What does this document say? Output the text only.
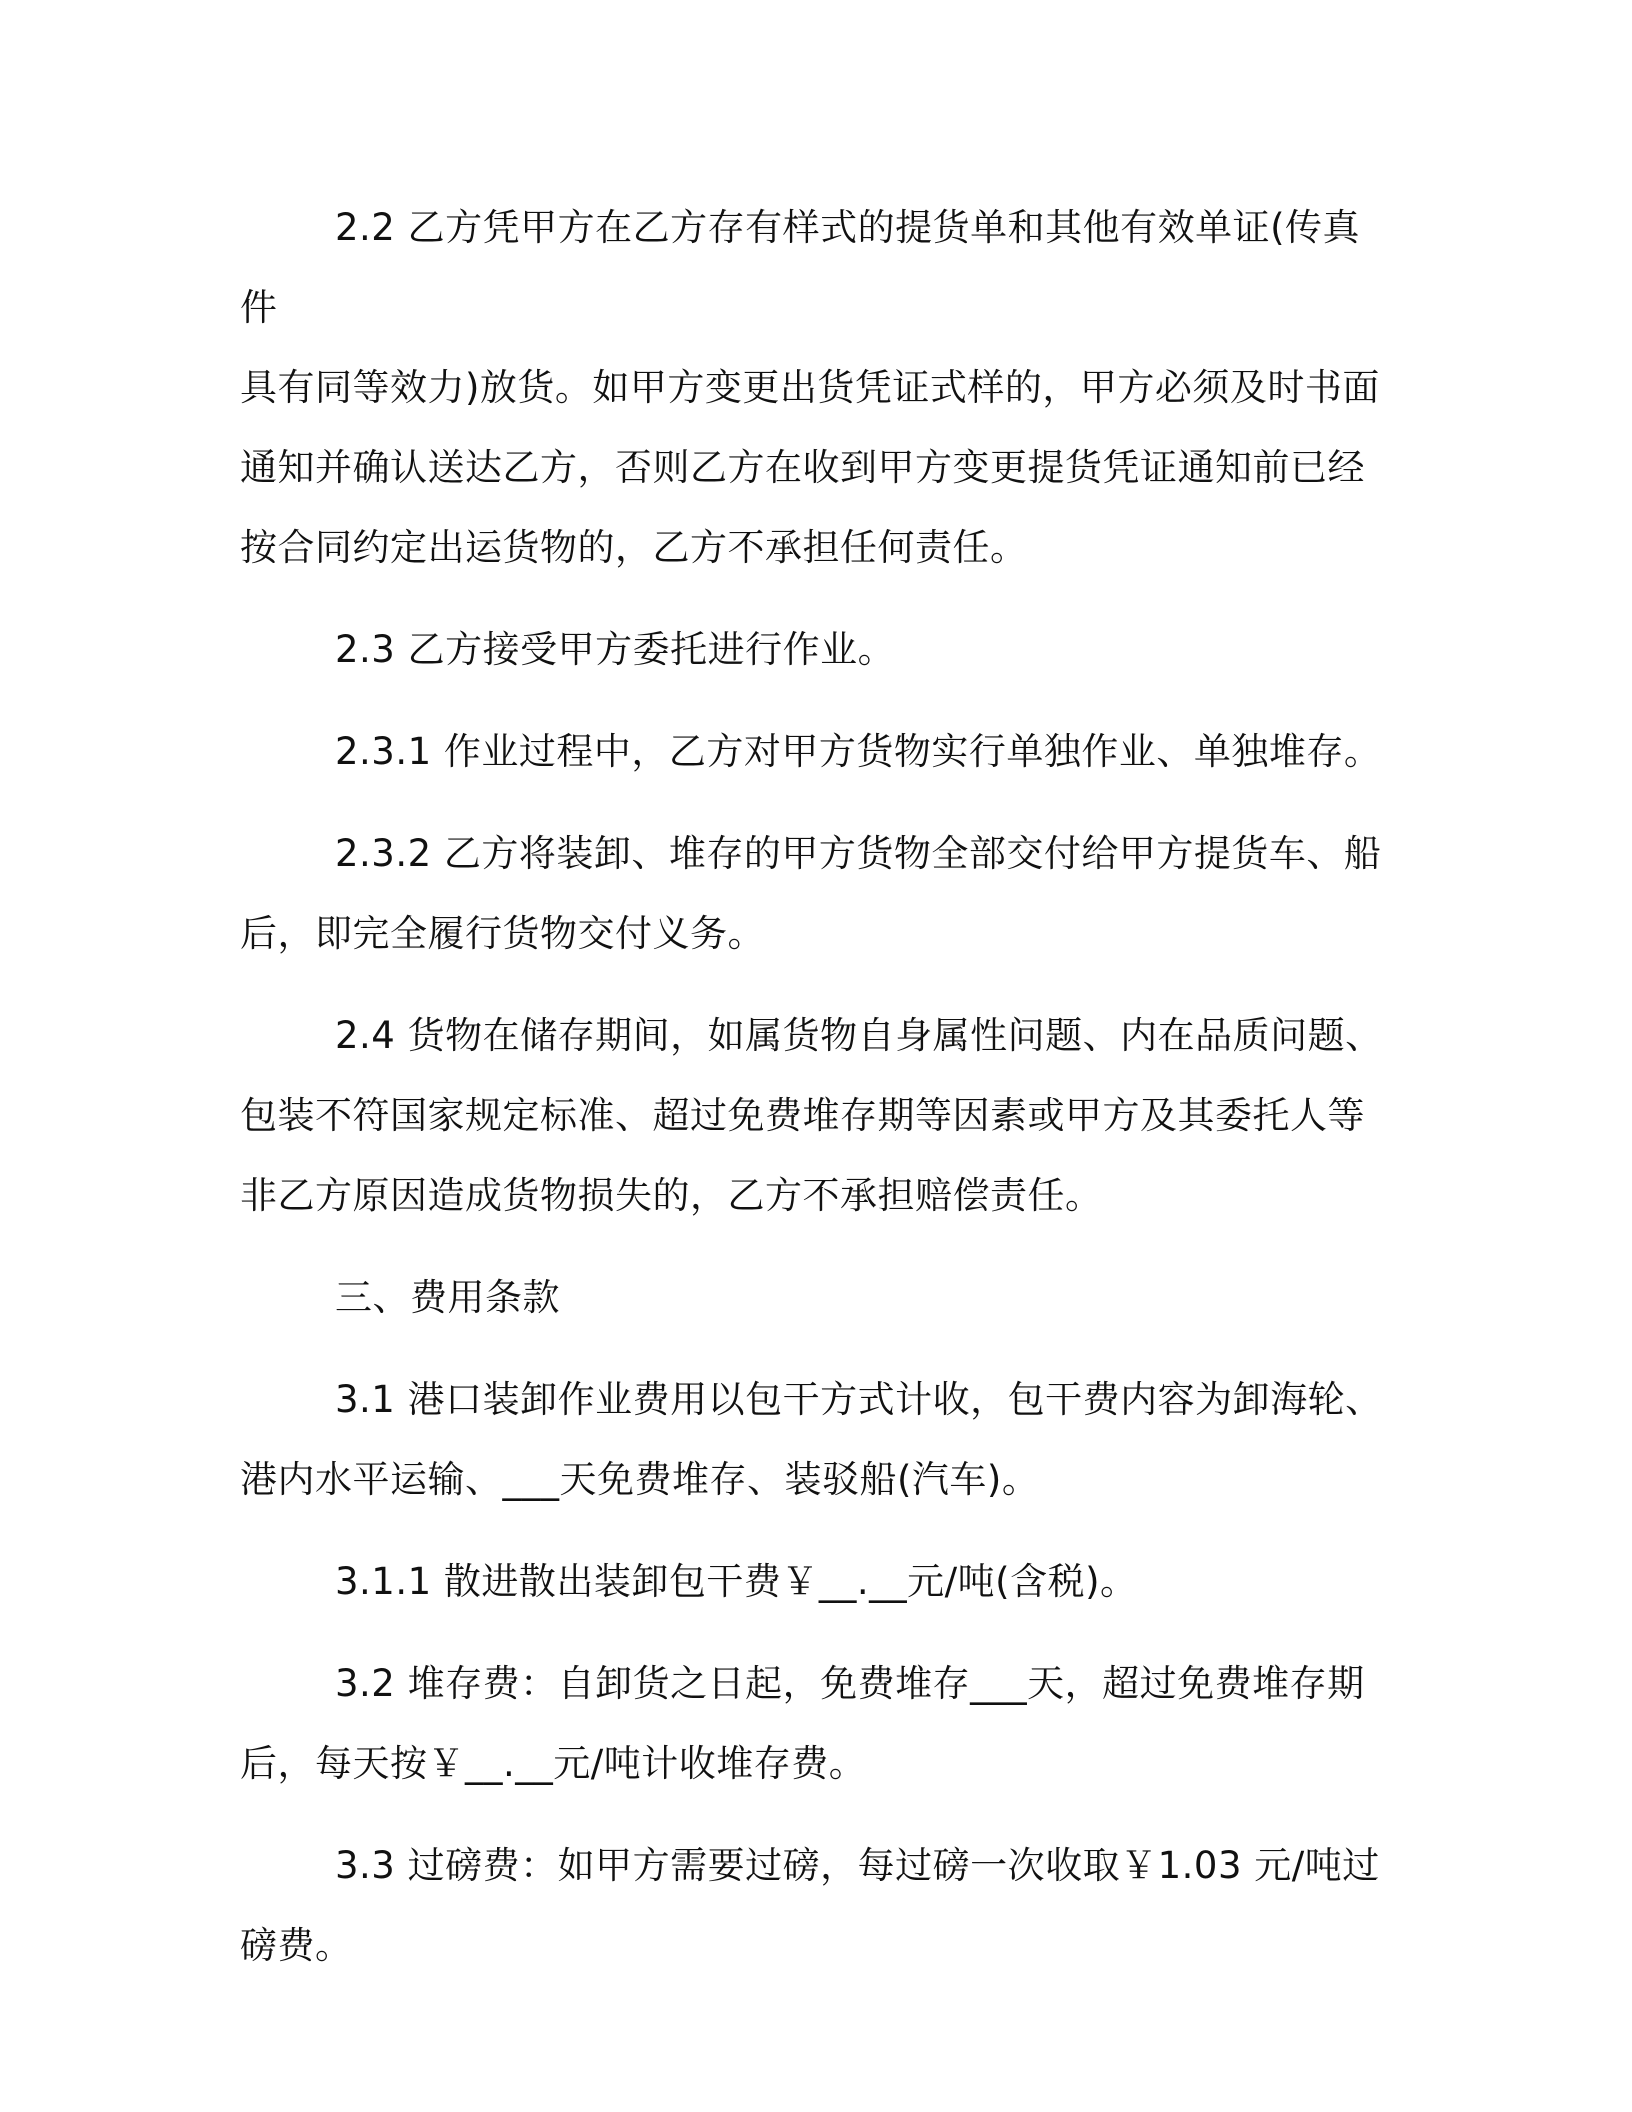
2.2 乙方凭甲方在乙方存有样式的提货单和其他有效单证(传真件
具有同等效力)放货。如甲方变更出货凭证式样的，甲方必须及时书面
通知并确认送达乙方，否则乙方在收到甲方变更提货凭证通知前已经
按合同约定出运货物的，乙方不承担任何责任。

2.3 乙方接受甲方委托进行作业。

2.3.1 作业过程中，乙方对甲方货物实行单独作业、单独堆存。

2.3.2 乙方将装卸、堆存的甲方货物全部交付给甲方提货车、船
后，即完全履行货物交付义务。

2.4 货物在储存期间，如属货物自身属性问题、内在品质问题、
包装不符国家规定标准、超过免费堆存期等因素或甲方及其委托人等
非乙方原因造成货物损失的，乙方不承担赔偿责任。

三、费用条款

3.1 港口装卸作业费用以包干方式计收，包干费内容为卸海轮、
港内水平运输、___天免费堆存、装驳船(汽车)。

3.1.1 散进散出装卸包干费￥__.__元/吨(含税)。

3.2 堆存费：自卸货之日起，免费堆存___天，超过免费堆存期
后，每天按￥__.__元/吨计收堆存费。

3.3 过磅费：如甲方需要过磅，每过磅一次收取￥1.03 元/吨过
磅费。
